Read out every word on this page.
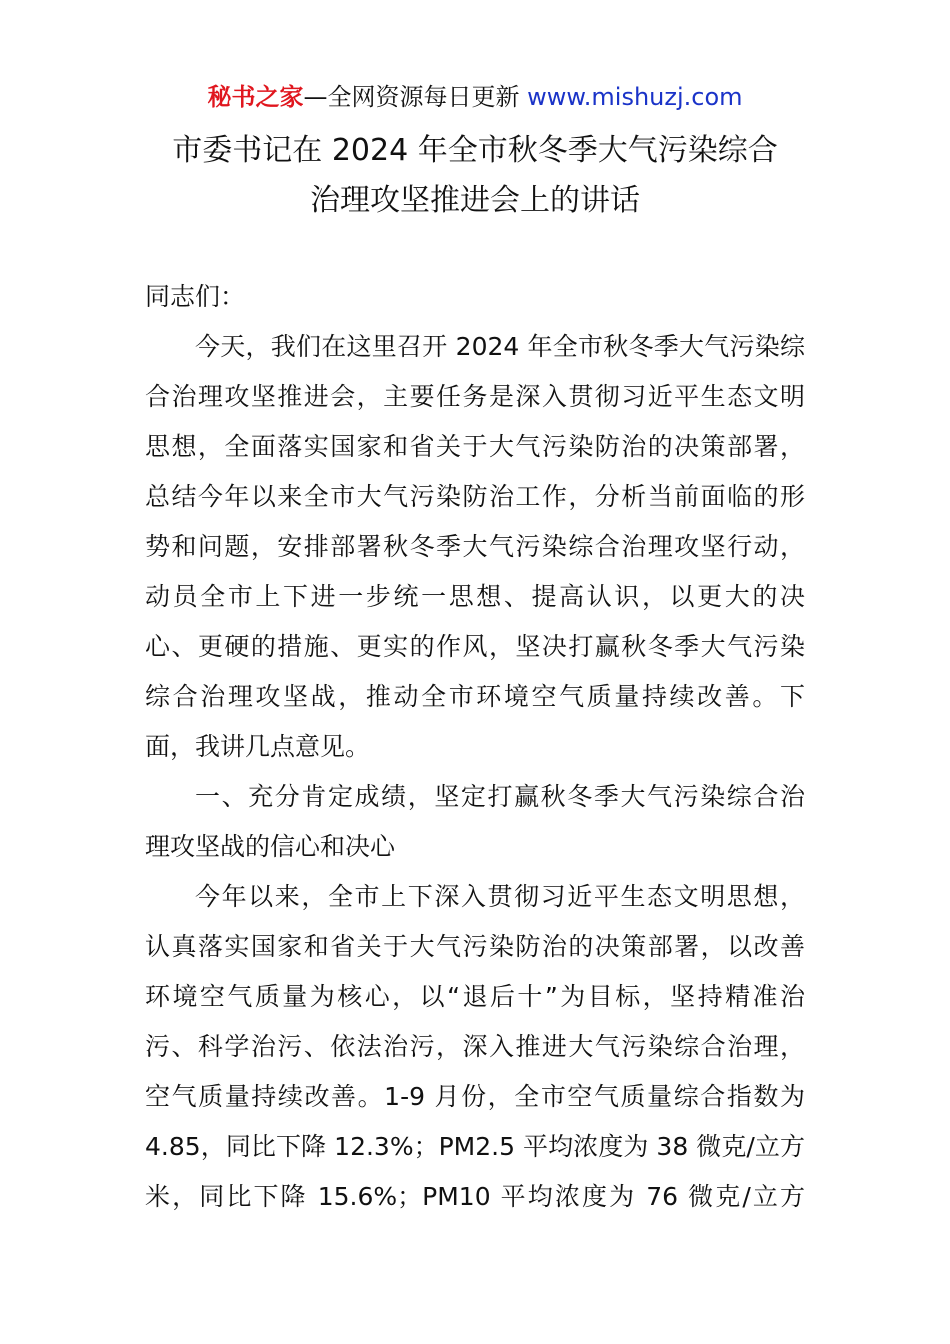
秘书之家—全网资源每日更新 www.mishuzj.com
市委书记在 2024 年全市秋冬季大气污染综合
治理攻坚推进会上的讲话
同志们：
今天，我们在这里召开 2024 年全市秋冬季大气污染综
合治理攻坚推进会，主要任务是深入贯彻习近平生态文明
思想，全面落实国家和省关于大气污染防治的决策部署，
总结今年以来全市大气污染防治工作，分析当前面临的形
势和问题，安排部署秋冬季大气污染综合治理攻坚行动，
动员全市上下进一步统一思想、提高认识，以更大的决
心、更硬的措施、更实的作风，坚决打赢秋冬季大气污染
综合治理攻坚战，推动全市环境空气质量持续改善。下
面，我讲几点意见。
一、充分肯定成绩，坚定打赢秋冬季大气污染综合治
理攻坚战的信心和决心
今年以来，全市上下深入贯彻习近平生态文明思想，
认真落实国家和省关于大气污染防治的决策部署，以改善
环境空气质量为核心，以“退后十”为目标，坚持精准治
污、科学治污、依法治污，深入推进大气污染综合治理，
空气质量持续改善。1-9 月份，全市空气质量综合指数为
4.85，同比下降 12.3%；PM2.5 平均浓度为 38 微克/立方
米，同比下降 15.6%；PM10 平均浓度为 76 微克/立方
